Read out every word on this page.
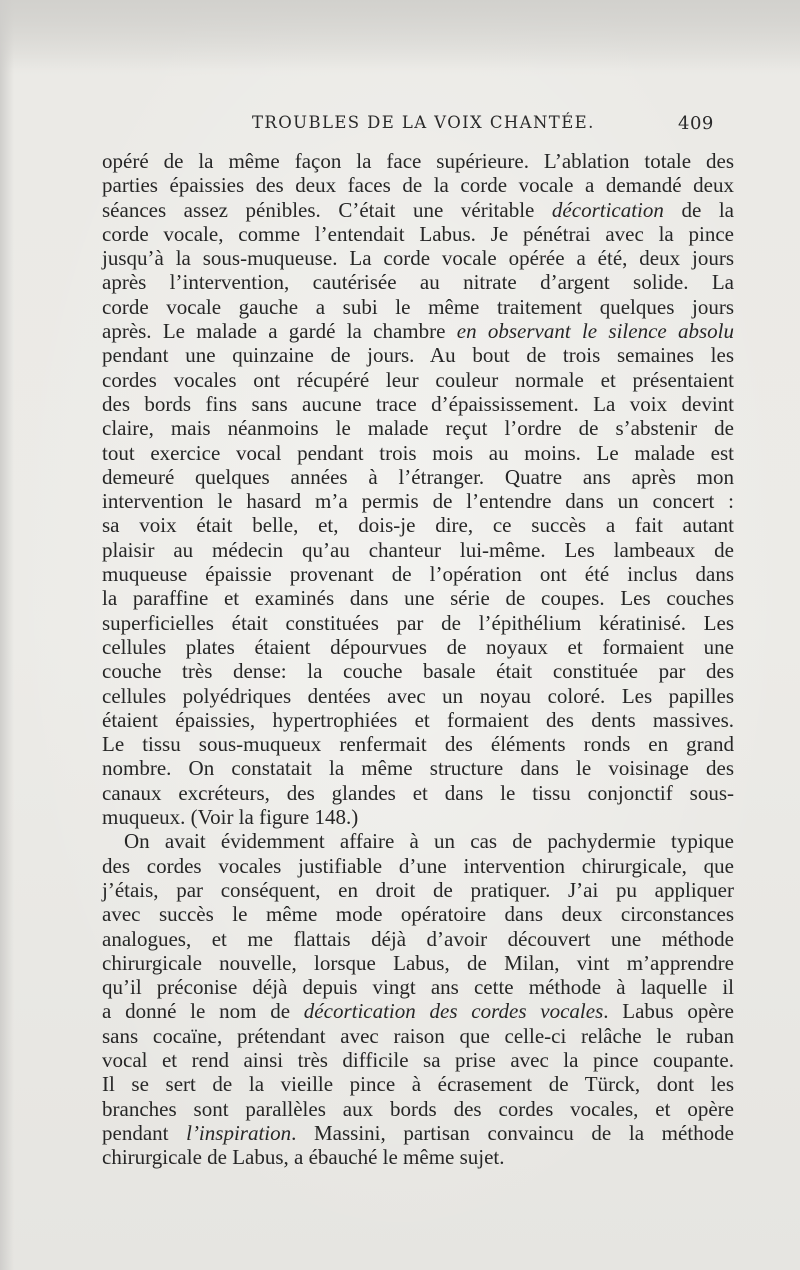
TROUBLES DE LA VOIX CHANTÉE.	409
opéré de la même façon la face supérieure. L’ablation totale des
parties épaissies des deux faces de la corde vocale a demandé deux
séances assez pénibles. C’était une véritable décortication de la
corde vocale, comme l’entendait Labus. Je pénétrai avec la pince
jusqu’à la sous-muqueuse. La corde vocale opérée a été, deux jours
après l’intervention, cautérisée au nitrate d’argent solide. La
corde vocale gauche a subi le même traitement quelques jours
après. Le malade a gardé la chambre en observant le silence absolu
pendant une quinzaine de jours. Au bout de trois semaines les
cordes vocales ont récupéré leur couleur normale et présentaient
des bords fins sans aucune trace d’épaississement. La voix devint
claire, mais néanmoins le malade reçut l’ordre de s’abstenir de
tout exercice vocal pendant trois mois au moins. Le malade est
demeuré quelques années à l’étranger. Quatre ans après mon
intervention le hasard m’a permis de l’entendre dans un concert :
sa voix était belle, et, dois-je dire, ce succès a fait autant
plaisir au médecin qu’au chanteur lui-même. Les lambeaux de
muqueuse épaissie provenant de l’opération ont été inclus dans
la paraffine et examinés dans une série de coupes. Les couches
superficielles était constituées par de l’épithélium kératinisé. Les
cellules plates étaient dépourvues de noyaux et formaient une
couche très dense: la couche basale était constituée par des
cellules polyédriques dentées avec un noyau coloré. Les papilles
étaient épaissies, hypertrophiées et formaient des dents massives.
Le tissu sous-muqueux renfermait des éléments ronds en grand
nombre. On constatait la même structure dans le voisinage des
canaux excréteurs, des glandes et dans le tissu conjonctif sous-
muqueux. (Voir la figure 148.)
On avait évidemment affaire à un cas de pachydermie typique
des cordes vocales justifiable d’une intervention chirurgicale, que
j’étais, par conséquent, en droit de pratiquer. J’ai pu appliquer
avec succès le même mode opératoire dans deux circonstances
analogues, et me flattais déjà d’avoir découvert une méthode
chirurgicale nouvelle, lorsque Labus, de Milan, vint m’apprendre
qu’il préconise déjà depuis vingt ans cette méthode à laquelle il
a donné le nom de décortication des cordes vocales. Labus opère
sans cocaïne, prétendant avec raison que celle-ci relâche le ruban
vocal et rend ainsi très difficile sa prise avec la pince coupante.
Il se sert de la vieille pince à écrasement de Türck, dont les
branches sont parallèles aux bords des cordes vocales, et opère
pendant l’inspiration. Massini, partisan convaincu de la méthode
chirurgicale de Labus, a ébauché le même sujet.
